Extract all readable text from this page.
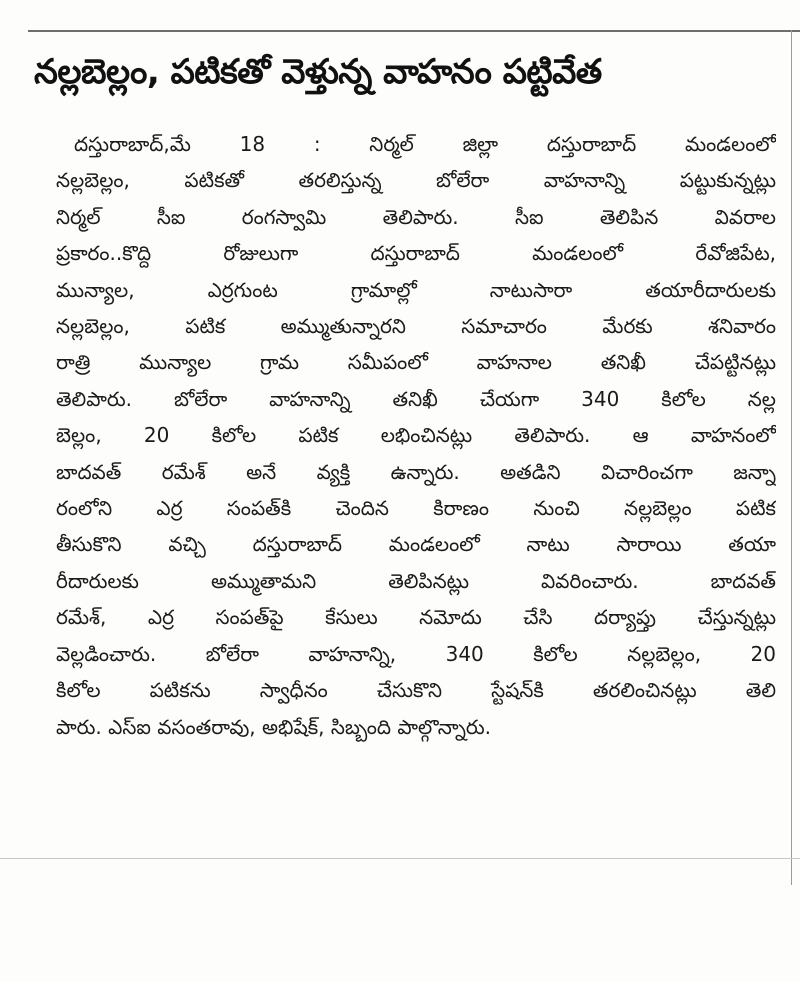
నల్లబెల్లం, పటికతో వెళ్తున్న వాహనం పట్టివేత
దస్తురాబాద్,మే 18 : నిర్మల్ జిల్లా దస్తురాబాద్ మండలంలో
నల్లబెల్లం, పటికతో తరలిస్తున్న బోలేరా వాహనాన్ని పట్టుకున్నట్లు
నిర్మల్ సీఐ రంగస్వామి తెలిపారు. సీఐ తెలిపిన వివరాల
ప్రకారం..కొద్ది రోజులుగా దస్తురాబాద్ మండలంలో రేవోజిపేట,
మున్యాల, ఎర్రగుంట గ్రామాల్లో నాటుసారా తయారీదారులకు
నల్లబెల్లం, పటిక అమ్ముతున్నారని సమాచారం మేరకు శనివారం
రాత్రి మున్యాల గ్రామ సమీపంలో వాహనాల తనిఖీ చేపట్టినట్లు
తెలిపారు. బోలేరా వాహనాన్ని తనిఖీ చేయగా 340 కిలోల నల్ల
బెల్లం, 20 కిలోల పటిక లభించినట్లు తెలిపారు. ఆ వాహనంలో
బాదవత్ రమేశ్ అనే వ్యక్తి ఉన్నారు. అతడిని విచారించగా జన్నా
రంలోని ఎర్ర సంపత్‌కి చెందిన కిరాణం నుంచి నల్లబెల్లం పటిక
తీసుకొని వచ్చి దస్తురాబాద్ మండలంలో నాటు సారాయి తయా
రీదారులకు అమ్ముతామని తెలిపినట్లు వివరించారు. బాదవత్
రమేశ్, ఎర్ర సంపత్‌పై కేసులు నమోదు చేసి దర్యాప్తు చేస్తున్నట్లు
వెల్లడించారు. బోలేరా వాహనాన్ని, 340 కిలోల నల్లబెల్లం, 20
కిలోల పటికను స్వాధీనం చేసుకొని స్టేషన్‌కి తరలించినట్లు తెలి
పారు. ఎస్ఐ వసంతరావు, అభిషేక్, సిబ్బంది పాల్గొన్నారు.
